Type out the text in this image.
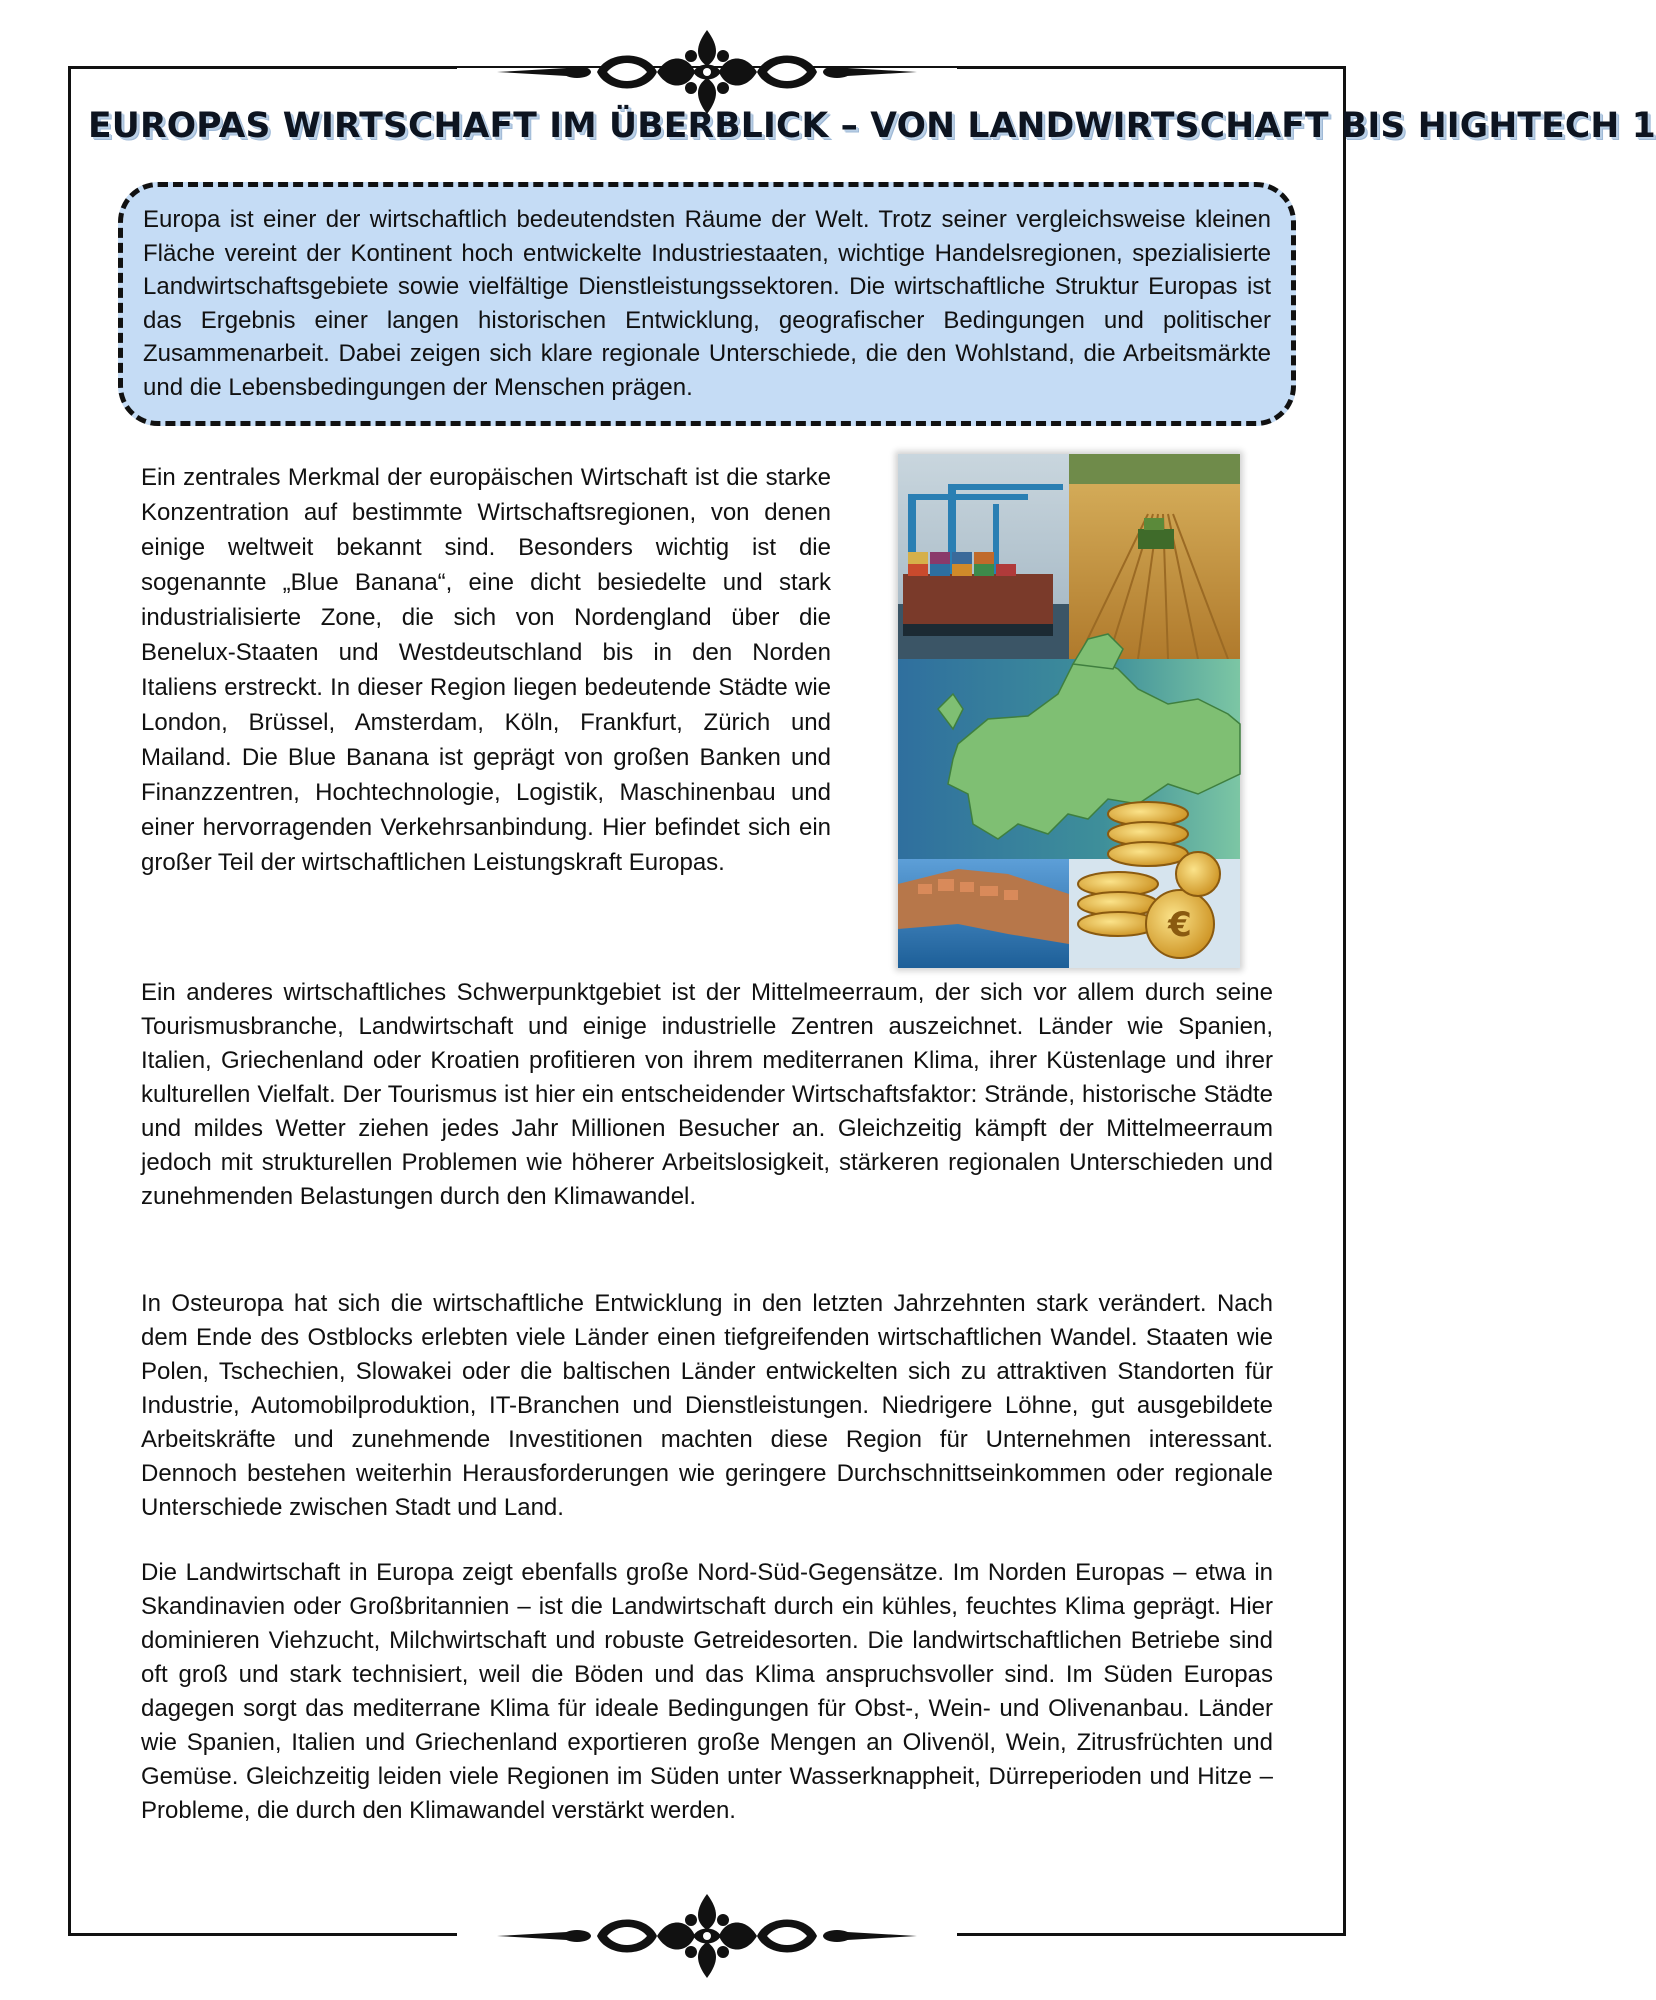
EUROPAS WIRTSCHAFT IM ÜBERBLICK – VON LANDWIRTSCHAFT BIS HIGHTECH 1

Europa ist einer der wirtschaftlich bedeutendsten Räume der Welt. Trotz seiner vergleichsweise kleinen Fläche vereint der Kontinent hoch entwickelte Industriestaaten, wichtige Handelsregionen, spezialisierte Landwirtschaftsgebiete sowie vielfältige Dienstleistungssektoren. Die wirtschaftliche Struktur Europas ist das Ergebnis einer langen historischen Entwicklung, geografischer Bedingungen und politischer Zusammenarbeit. Dabei zeigen sich klare regionale Unterschiede, die den Wohlstand, die Arbeitsmärkte und die Lebensbedingungen der Menschen prägen.

Ein zentrales Merkmal der europäischen Wirtschaft ist die starke Konzentration auf bestimmte Wirtschaftsregionen, von denen einige weltweit bekannt sind. Besonders wichtig ist die sogenannte „Blue Banana“, eine dicht besiedelte und stark industrialisierte Zone, die sich von Nordengland über die Benelux-Staaten und Westdeutschland bis in den Norden Italiens erstreckt. In dieser Region liegen bedeutende Städte wie London, Brüssel, Amsterdam, Köln, Frankfurt, Zürich und Mailand. Die Blue Banana ist geprägt von großen Banken und Finanzzentren, Hochtechnologie, Logistik, Maschinenbau und einer hervorragenden Verkehrsanbindung. Hier befindet sich ein großer Teil der wirtschaftlichen Leistungskraft Europas.

€

Ein anderes wirtschaftliches Schwerpunktgebiet ist der Mittelmeerraum, der sich vor allem durch seine Tourismusbranche, Landwirtschaft und einige industrielle Zentren auszeichnet. Länder wie Spanien, Italien, Griechenland oder Kroatien profitieren von ihrem mediterranen Klima, ihrer Küstenlage und ihrer kulturellen Vielfalt. Der Tourismus ist hier ein entscheidender Wirtschaftsfaktor: Strände, historische Städte und mildes Wetter ziehen jedes Jahr Millionen Besucher an. Gleichzeitig kämpft der Mittelmeerraum jedoch mit strukturellen Problemen wie höherer Arbeitslosigkeit, stärkeren regionalen Unterschieden und zunehmenden Belastungen durch den Klimawandel.

In Osteuropa hat sich die wirtschaftliche Entwicklung in den letzten Jahrzehnten stark verändert. Nach dem Ende des Ostblocks erlebten viele Länder einen tiefgreifenden wirtschaftlichen Wandel. Staaten wie Polen, Tschechien, Slowakei oder die baltischen Länder entwickelten sich zu attraktiven Standorten für Industrie, Automobilproduktion, IT-Branchen und Dienstleistungen. Niedrigere Löhne, gut ausgebildete Arbeitskräfte und zunehmende Investitionen machten diese Region für Unternehmen interessant. Dennoch bestehen weiterhin Herausforderungen wie geringere Durchschnittseinkommen oder regionale Unterschiede zwischen Stadt und Land.

Die Landwirtschaft in Europa zeigt ebenfalls große Nord-Süd-Gegensätze. Im Norden Europas – etwa in Skandinavien oder Großbritannien – ist die Landwirtschaft durch ein kühles, feuchtes Klima geprägt. Hier dominieren Viehzucht, Milchwirtschaft und robuste Getreidesorten. Die landwirtschaftlichen Betriebe sind oft groß und stark technisiert, weil die Böden und das Klima anspruchsvoller sind. Im Süden Europas dagegen sorgt das mediterrane Klima für ideale Bedingungen für Obst-, Wein- und Olivenanbau. Länder wie Spanien, Italien und Griechenland exportieren große Mengen an Olivenöl, Wein, Zitrusfrüchten und Gemüse. Gleichzeitig leiden viele Regionen im Süden unter Wasserknappheit, Dürreperioden und Hitze – Probleme, die durch den Klimawandel verstärkt werden.
